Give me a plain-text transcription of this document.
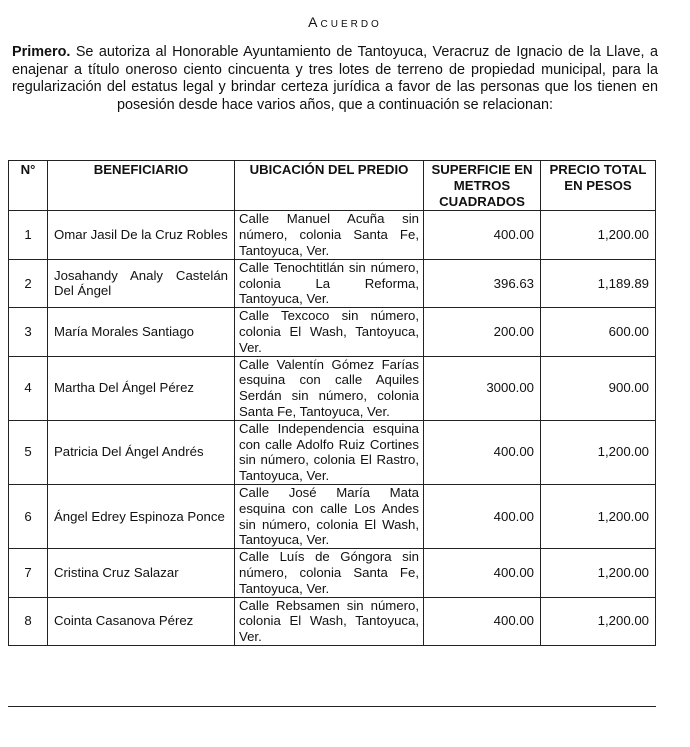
Acuerdo
Primero. Se autoriza al Honorable Ayuntamiento de Tantoyuca, Veracruz de Ignacio de la Llave, a enajenar a título oneroso ciento cincuenta y tres lotes de terreno de propiedad municipal, para la regularización del estatus legal y brindar certeza jurídica a favor de las personas que los tienen en posesión desde hace varios años, que a continuación se relacionan:
N°	BENEFICIARIO	UBICACIÓN DEL PREDIO	SUPERFICIE EN METROS CUADRADOS	PRECIO TOTAL EN PESOS
1	Omar Jasil De la Cruz Robles	Calle Manuel Acuña sin número, colonia Santa Fe, Tantoyuca, Ver.	400.00	1,200.00
2	Josahandy Analy Castelán Del Ángel	Calle Tenochtitlán sin número, colonia La Reforma, Tantoyuca, Ver.	396.63	1,189.89
3	María Morales Santiago	Calle Texcoco sin número, colonia El Wash, Tantoyuca, Ver.	200.00	600.00
4	Martha Del Ángel Pérez	Calle Valentín Gómez Farías esquina con calle Aquiles Serdán sin número, colonia Santa Fe, Tantoyuca, Ver.	3000.00	900.00
5	Patricia Del Ángel Andrés	Calle Independencia esquina con calle Adolfo Ruiz Cortines sin número, colonia El Rastro, Tantoyuca, Ver.	400.00	1,200.00
6	Ángel Edrey Espinoza Ponce	Calle José María Mata esquina con calle Los Andes sin número, colonia El Wash, Tantoyuca, Ver.	400.00	1,200.00
7	Cristina Cruz Salazar	Calle Luís de Góngora sin número, colonia Santa Fe, Tantoyuca, Ver.	400.00	1,200.00
8	Cointa Casanova Pérez	Calle Rebsamen sin número, colonia El Wash, Tantoyuca, Ver.	400.00	1,200.00
